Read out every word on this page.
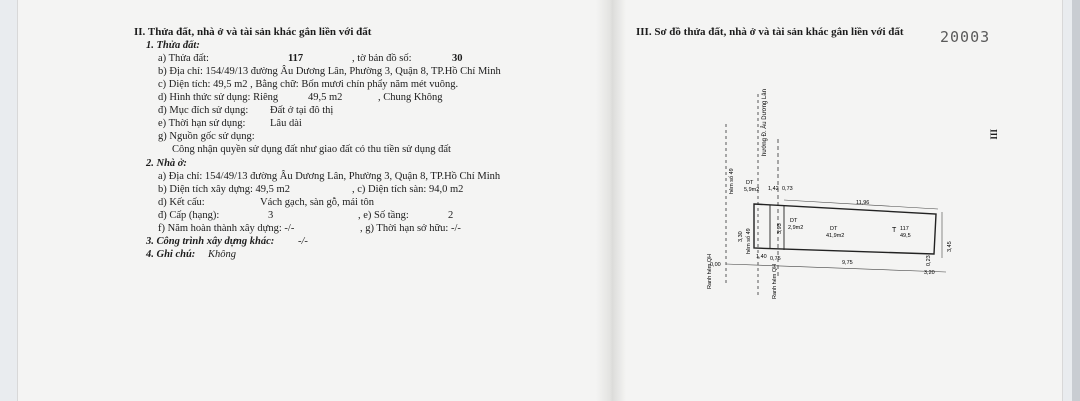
II. Thửa đất, nhà ở và tài sản khác gắn liền với đất
1. Thửa đất:
a) Thửa đất:	117	, tờ bản đồ số:	30
b) Địa chỉ: 154/49/13 đường Âu Dương Lân, Phường 3, Quận 8, TP.Hồ Chí Minh
c) Diện tích: 49,5 m2 , Bằng chữ: Bốn mươi chín phẩy năm mét vuông.
d) Hình thức sử dụng: Riêng	49,5 m2	, Chung Không
đ) Mục đích sử dụng: Đất ở tại đô thị
e) Thời hạn sử dụng: Lâu dài
g) Nguồn gốc sử dụng:
Công nhận quyền sử dụng đất như giao đất có thu tiền sử dụng đất
2. Nhà ở:
a) Địa chỉ: 154/49/13 đường Âu Dương Lân, Phường 3, Quận 8, TP.Hồ Chí Minh
b) Diện tích xây dựng: 49,5 m2	, c) Diện tích sàn: 94,0 m2
d) Kết cấu:	Vách gạch, sàn gỗ, mái tôn
đ) Cấp (hạng):	3	, e) Số tầng:	2
f) Năm hoàn thành xây dựng: -/-	, g) Thời hạn sở hữu: -/-
3. Công trình xây dựng khác: -/-
4. Ghi chú: Không
III. Sơ đồ thửa đất, nhà ở và tài sản khác gắn liền với đất 20003
III
hướng Đ. Âu Dương Lân
hẻm số 49
hẻm số 49
Ranh hẻm QH	Ranh hẻm QH
DT
5,9m2
DT
2,9m2	DT
41,9m2
T 117
49,5
1,42 0,73
11,96
3,30
3,93
3,45
0,00
1,40 0,75
9,75	0,23
3,20
